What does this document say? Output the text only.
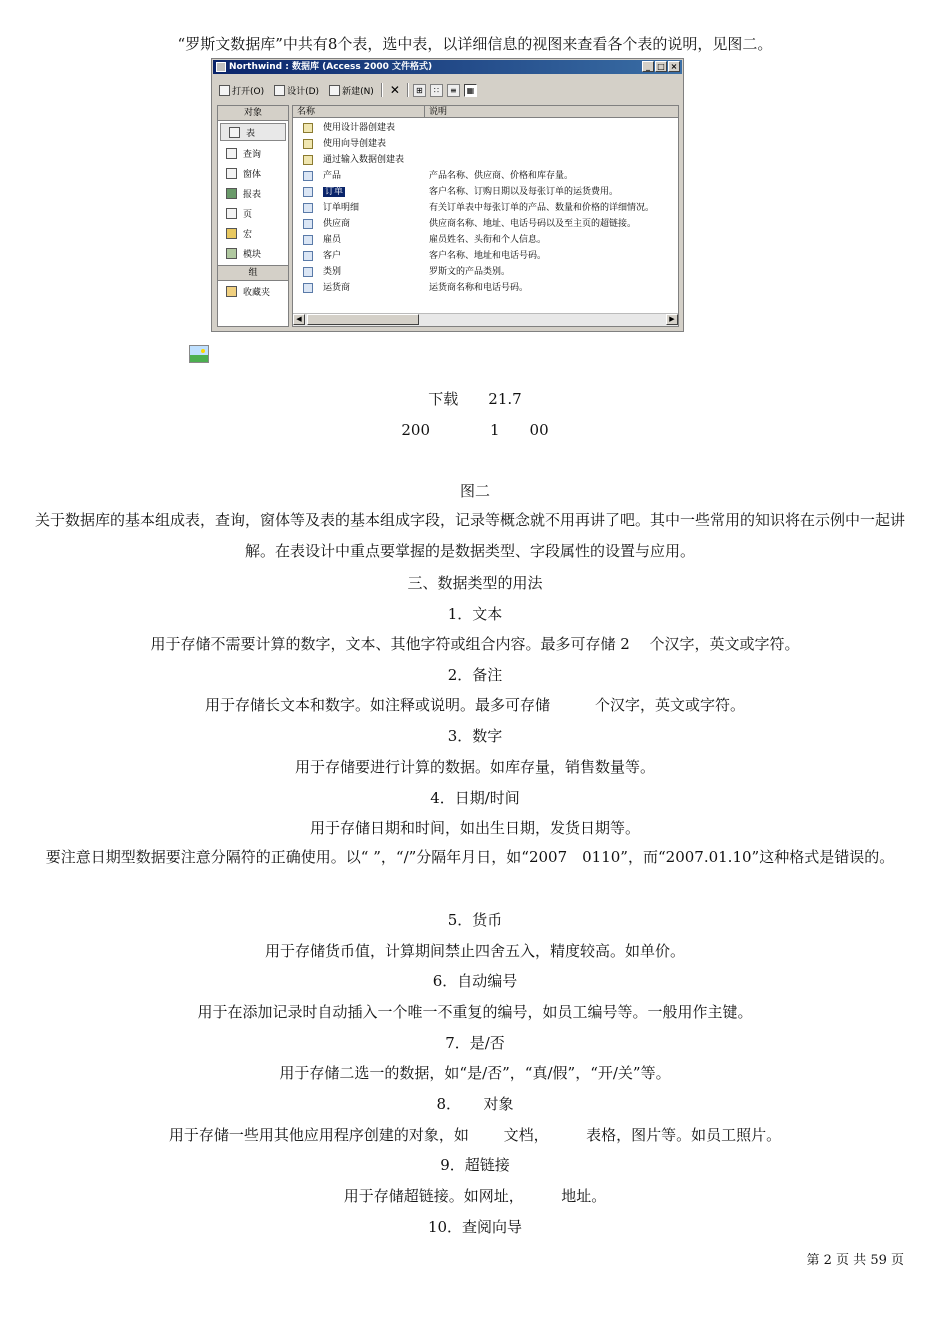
“罗斯文数据库”中共有8个表，选中表，以详细信息的视图来查看各个表的说明，见图二。
Northwind : 数据库 (Access 2000 文件格式)	_ □ ×
打开(O)	设计(D)	新建(N) ✕	⊞	∷	≡	▦
对象
表
查询
窗体
报表
页
宏
模块
组
收藏夹
名称	说明
使用设计器创建表
使用向导创建表
通过输入数据创建表
产品	产品名称、供应商、价格和库存量。
订单	客户名称、订购日期以及每张订单的运货费用。
订单明细	有关订单表中每张订单的产品、数量和价格的详细情况。
供应商	供应商名称、地址、电话号码以及至主页的超链接。
雇员	雇员姓名、头衔和个人信息。
客户	客户名称、地址和电话号码。
类别	罗斯文的产品类别。
运货商	运货商名称和电话号码。
◀	▶
下载　　21.7
200　　　　1　　00
图二
关于数据库的基本组成表，查询，窗体等及表的基本组成字段，记录等概念就不用再讲了吧。其中一些常用的知识将在示例中一起讲解。在表设计中重点要掌握的是数据类型、字段属性的设置与应用。
三、数据类型的用法
1．文本
用于存储不需要计算的数字，文本、其他字符或组合内容。最多可存储 2　 个汉字，英文或字符。
2．备注
用于存储长文本和数字。如注释或说明。最多可存储　　　个汉字，英文或字符。
3．数字
用于存储要进行计算的数据。如库存量，销售数量等。
4．日期/时间
用于存储日期和时间，如出生日期，发货日期等。
要注意日期型数据要注意分隔符的正确使用。以“ ”，“/”分隔年月日，如“2007　0110”，而“2007.01.10”这种格式是错误的。
5．货币
用于存储货币值，计算期间禁止四舍五入，精度较高。如单价。
6．自动编号
用于在添加记录时自动插入一个唯一不重复的编号，如员工编号等。一般用作主键。
7．是/否
用于存储二选一的数据，如“是/否”，“真/假”，“开/关”等。
8．　　对象
用于存储一些用其他应用程序创建的对象，如　　 文档，　　　表格，图片等。如员工照片。
9．超链接
用于存储超链接。如网址，　　　地址。
10．查阅向导
第 2 页 共 59 页
